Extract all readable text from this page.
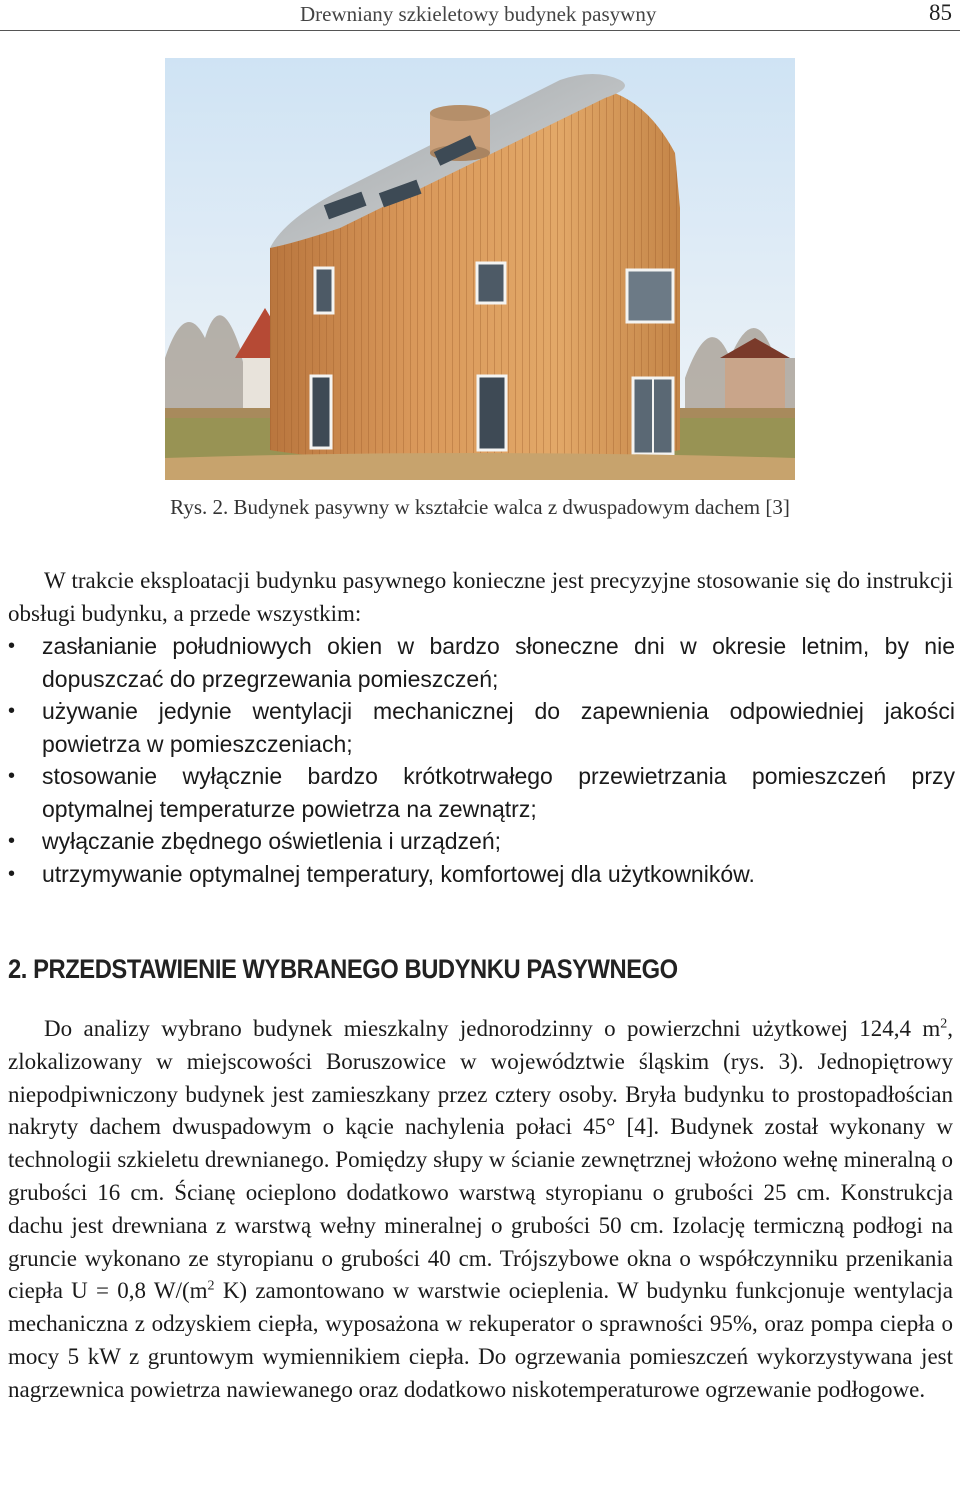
Drewniany szkieletowy budynek pasywny	85
Rys. 2. Budynek pasywny w kształcie walca z dwuspadowym dachem [3]
W trakcie eksploatacji budynku pasywnego konieczne jest precyzyjne stosowanie się do instrukcji obsługi budynku, a przede wszystkim:
• zasłanianie południowych okien w bardzo słoneczne dni w okresie letnim, by nie dopuszczać do przegrzewania pomieszczeń;
• używanie jedynie wentylacji mechanicznej do zapewnienia odpowiedniej jakości powietrza w pomieszczeniach;
• stosowanie wyłącznie bardzo krótkotrwałego przewietrzania pomieszczeń przy optymalnej temperaturze powietrza na zewnątrz;
• wyłączanie zbędnego oświetlenia i urządzeń;
• utrzymywanie optymalnej temperatury, komfortowej dla użytkowników.
2. PRZEDSTAWIENIE WYBRANEGO BUDYNKU PASYWNEGO
Do analizy wybrano budynek mieszkalny jednorodzinny o powierzchni użytkowej 124,4 $m^2$, zlokalizowany w miejscowości Boruszowice w województwie śląskim (rys. 3). Jednopiętrowy niepodpiwniczony budynek jest zamieszkany przez cztery osoby. Bryła budynku to prostopadłościan nakryty dachem dwuspadowym o kącie nachylenia połaci 45° [4]. Budynek został wykonany w technologii szkieletu drewnianego. Pomiędzy słupy w ścianie zewnętrznej włożono wełnę mineralną o grubości 16 cm. Ścianę ocieplono dodatkowo warstwą styropianu o grubości 25 cm. Konstrukcja dachu jest drewniana z warstwą wełny mineralnej o grubości 50 cm. Izolację termiczną podłogi na gruncie wykonano ze styropianu o grubości 40 cm. Trójszybowe okna o współczynniku przenikania ciepła U = 0,8 $W/(m^2$ K) zamontowano w warstwie ocieplenia. W budynku funkcjonuje wentylacja mechaniczna z odzyskiem ciepła, wyposażona w rekuperator o sprawności 95%, oraz pompa ciepła o mocy 5 kW z gruntowym wymiennikiem ciepła. Do ogrzewania pomieszczeń wykorzystywana jest nagrzewnica powietrza nawiewanego oraz dodatkowo niskotemperaturowe ogrzewanie podłogowe.
